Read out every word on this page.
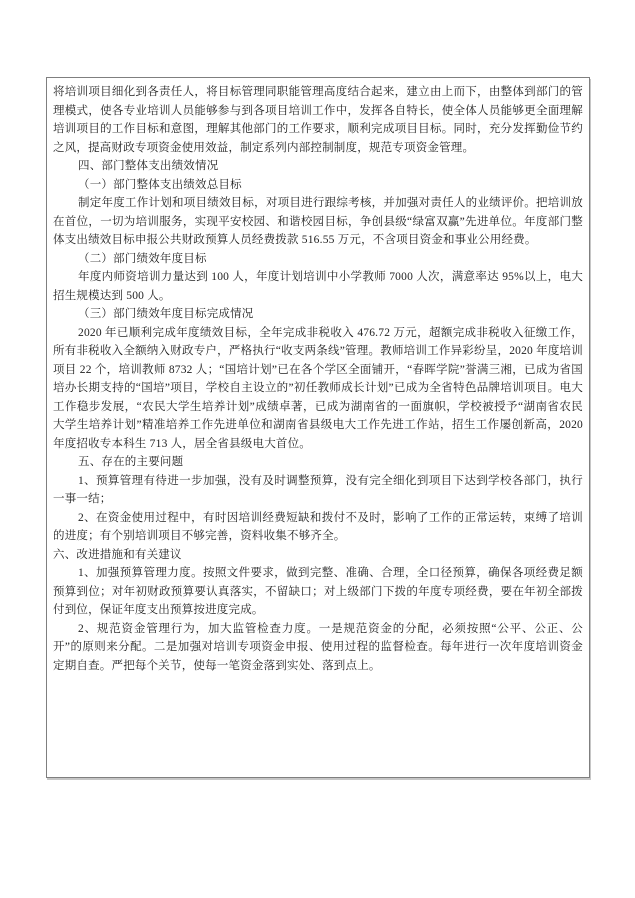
将培训项目细化到各责任人，将目标管理同职能管理高度结合起来，建立由上而下，由整体到部门的管理模式，使各专业培训人员能够参与到各项目培训工作中，发挥各自特长，使全体人员能够更全面理解培训项目的工作目标和意图，理解其他部门的工作要求，顺利完成项目目标。同时，充分发挥勤俭节约之风，提高财政专项资金使用效益，制定系列内部控制制度，规范专项资金管理。

四、部门整体支出绩效情况

（一）部门整体支出绩效总目标

制定年度工作计划和项目绩效目标，对项目进行跟综考核，并加强对责任人的业绩评价。把培训放在首位，一切为培训服务，实现平安校园、和谐校园目标，争创县级“绿富双赢”先进单位。年度部门整体支出绩效目标申报公共财政预算人员经费拨款 516.55 万元，不含项目资金和事业公用经费。

（二）部门绩效年度目标

年度内师资培训力量达到 100 人，年度计划培训中小学教师 7000 人次，满意率达 95%以上，电大招生规模达到 500 人。

（三）部门绩效年度目标完成情况

2020 年已顺利完成年度绩效目标，全年完成非税收入 476.72 万元，超额完成非税收入征缴工作，所有非税收入全额纳入财政专户，严格执行“收支两条线”管理。教师培训工作异彩纷呈，2020 年度培训项目 22 个，培训教师 8732 人；“国培计划”已在各个学区全面铺开，“春晖学院”誉满三湘，已成为省国培办长期支持的“国培”项目，学校自主设立的”初任教师成长计划”已成为全省特色品牌培训项目。电大工作稳步发展，“农民大学生培养计划”成绩卓著，已成为湖南省的一面旗帜，学校被授予“湖南省农民大学生培养计划”精准培养工作先进单位和湖南省县级电大工作先进工作站，招生工作屡创新高，2020 年度招收专本科生 713 人，居全省县级电大首位。

五、存在的主要问题

1、预算管理有待进一步加强，没有及时调整预算，没有完全细化到项目下达到学校各部门，执行一事一结；

2、在资金使用过程中，有时因培训经费短缺和拨付不及时，影响了工作的正常运转，束缚了培训的进度；有个别培训项目不够完善，资料收集不够齐全。

六、改进措施和有关建议

1、加强预算管理力度。按照文件要求，做到完整、准确、合理，全口径预算，确保各项经费足额预算到位；对年初财政预算要认真落实，不留缺口；对上级部门下拨的年度专项经费，要在年初全部拨付到位，保证年度支出预算按进度完成。

2、规范资金管理行为，加大监管检查力度。一是规范资金的分配，必须按照“公平、公正、公开”的原则来分配。二是加强对培训专项资金申报、使用过程的监督检查。每年进行一次年度培训资金定期自查。严把每个关节，使每一笔资金落到实处、落到点上。
